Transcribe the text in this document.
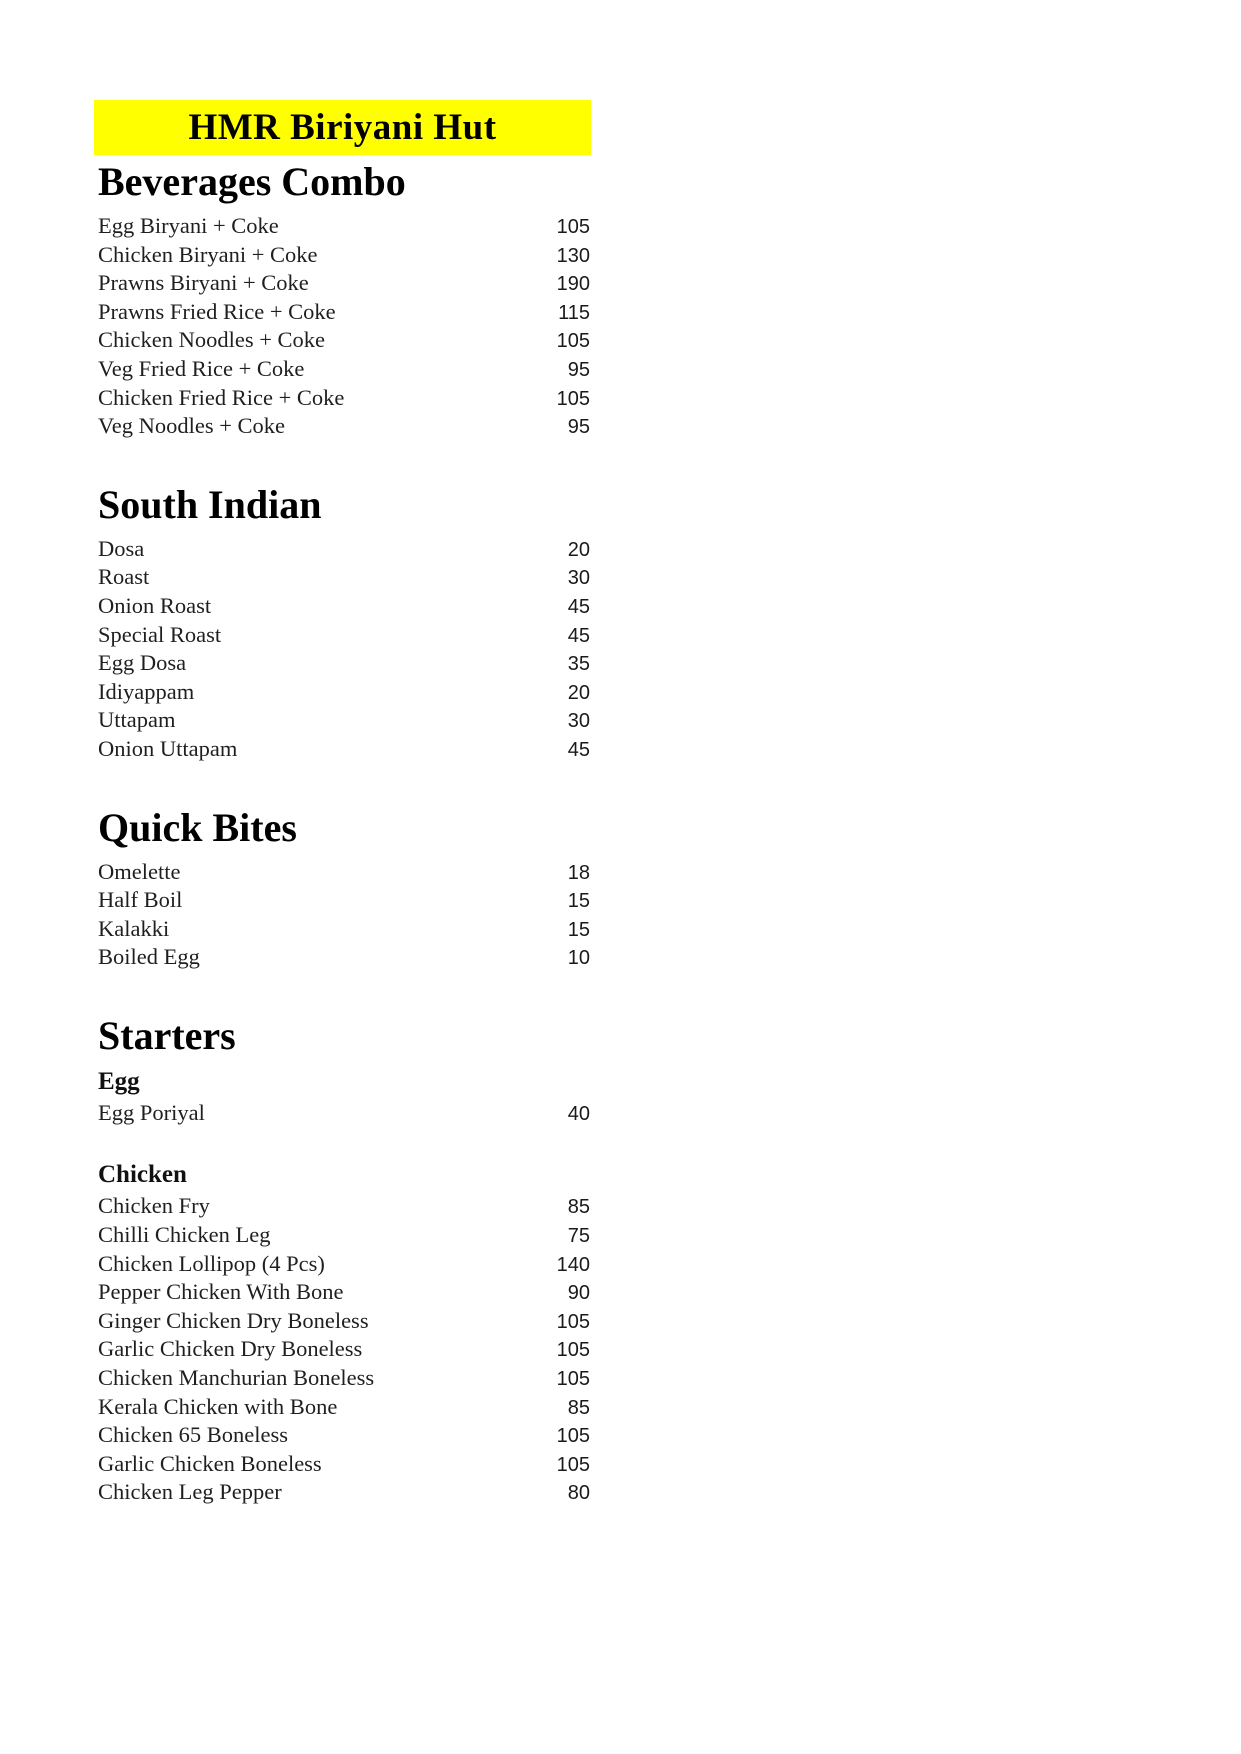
HMR Biriyani Hut
Beverages Combo
Egg Biryani + Coke	105
Chicken Biryani + Coke	130
Prawns Biryani + Coke	190
Prawns Fried Rice + Coke	115
Chicken Noodles + Coke	105
Veg Fried Rice + Coke	95
Chicken Fried Rice + Coke	105
Veg Noodles + Coke	95
South Indian
Dosa	20
Roast	30
Onion Roast	45
Special Roast	45
Egg Dosa	35
Idiyappam	20
Uttapam	30
Onion Uttapam	45
Quick Bites
Omelette	18
Half Boil	15
Kalakki	15
Boiled Egg	10
Starters
Egg
Egg Poriyal	40
Chicken
Chicken Fry	85
Chilli Chicken Leg	75
Chicken Lollipop (4 Pcs)	140
Pepper Chicken With Bone	90
Ginger Chicken Dry Boneless	105
Garlic Chicken Dry Boneless	105
Chicken Manchurian Boneless	105
Kerala Chicken with Bone	85
Chicken 65 Boneless	105
Garlic Chicken Boneless	105
Chicken Leg Pepper	80
